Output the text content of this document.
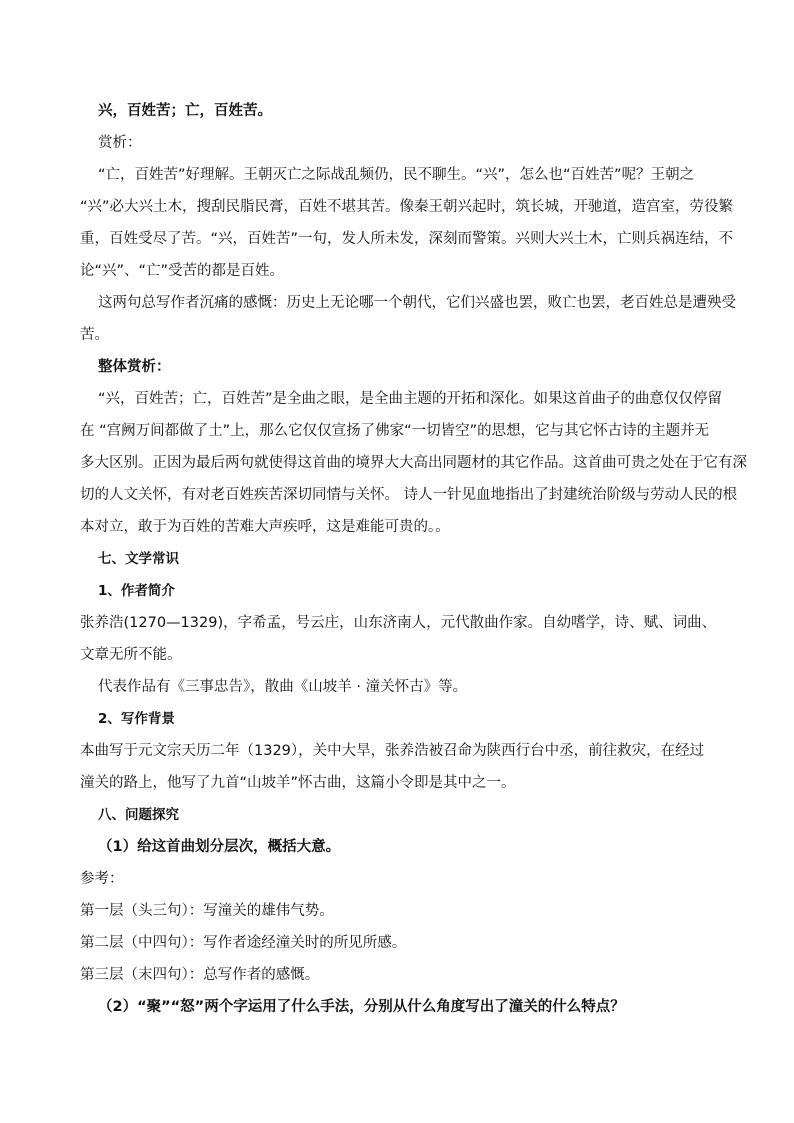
兴，百姓苦；亡，百姓苦。
赏析：
“亡，百姓苦”好理解。王朝灭亡之际战乱频仍，民不聊生。“兴”，怎么也“百姓苦”呢？王朝之
“兴”必大兴土木，搜刮民脂民膏，百姓不堪其苦。像秦王朝兴起时，筑长城，开驰道，造宫室，劳役繁
重，百姓受尽了苦。“兴，百姓苦”一句，发人所未发，深刻而警策。兴则大兴土木，亡则兵祸连结，不
论“兴”、“亡”受苦的都是百姓。
这两句总写作者沉痛的感慨：历史上无论哪一个朝代，它们兴盛也罢，败亡也罢，老百姓总是遭殃受
苦。
整体赏析：
“兴，百姓苦；亡，百姓苦”是全曲之眼，是全曲主题的开拓和深化。如果这首曲子的曲意仅仅停留
在 “宫阙万间都做了土”上，那么它仅仅宣扬了佛家“一切皆空”的思想，它与其它怀古诗的主题并无
多大区别。正因为最后两句就使得这首曲的境界大大高出同题材的其它作品。这首曲可贵之处在于它有深
切的人文关怀，有对老百姓疾苦深切同情与关怀。 诗人一针见血地指出了封建统治阶级与劳动人民的根
本对立，敢于为百姓的苦难大声疾呼，这是难能可贵的。。
七、文学常识
1、作者简介
张养浩(1270—1329)，字希孟，号云庄，山东济南人，元代散曲作家。自幼嗜学，诗、赋、词曲、
文章无所不能。
代表作品有《三事忠告》，散曲《山坡羊 · 潼关怀古》等。
2、写作背景
本曲写于元文宗天历二年（1329），关中大旱，张养浩被召命为陕西行台中丞，前往救灾，在经过
潼关的路上，他写了九首“山坡羊”怀古曲，这篇小令即是其中之一。
八、问题探究
（1）给这首曲划分层次，概括大意。
参考：
第一层（头三句）：写潼关的雄伟气势。
第二层（中四句）：写作者途经潼关时的所见所感。
第三层（末四句）：总写作者的感慨。
（2）“聚”“怒”两个字运用了什么手法，分别从什么角度写出了潼关的什么特点？
